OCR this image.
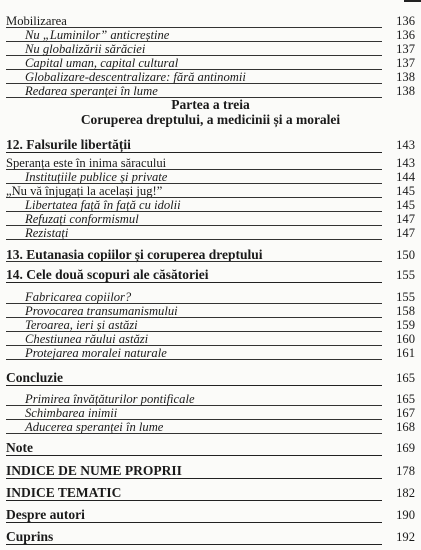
Partea a treia
Coruperea dreptului, a medicinii și a moralei
Mobilizarea	136
Nu „Luminilor” anticreștine	136
Nu globalizării sărăciei	137
Capital uman, capital cultural	137
Globalizare-descentralizare: fără antinomii	138
Redarea speranței în lume	138
12. Falsurile libertății	143
Speranța este în inima săracului	143
Instituțiile publice și private	144
„Nu vă înjugați la același jug!”	145
Libertatea față în față cu idolii	145
Refuzați conformismul	147
Rezistați	147
13. Eutanasia copiilor și coruperea dreptului	150
14. Cele două scopuri ale căsătoriei	155
Fabricarea copiilor?	155
Provocarea transumanismului	158
Teroarea, ieri și astăzi	159
Chestiunea răului astăzi	160
Protejarea moralei naturale	161
Concluzie	165
Primirea învățăturilor pontificale	165
Schimbarea inimii	167
Aducerea speranței în lume	168
Note	169
INDICE DE NUME PROPRII	178
INDICE TEMATIC	182
Despre autori	190
Cuprins	192
